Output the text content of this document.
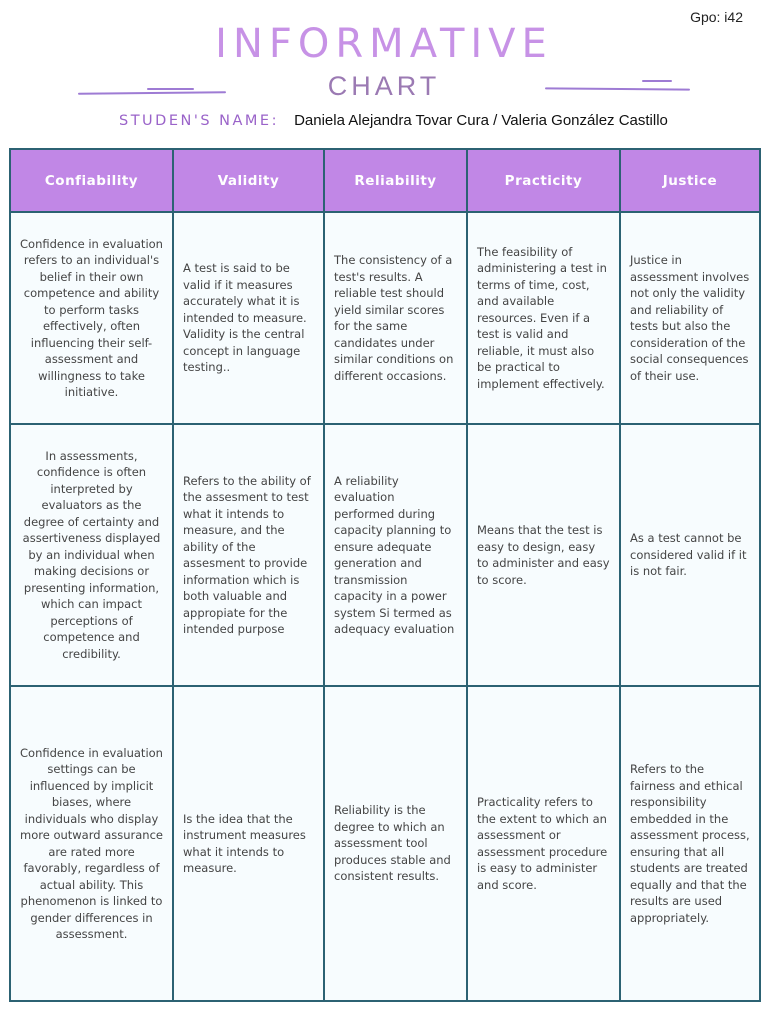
Gpo: i42
INFORMATIVE
CHART
STUDEN'S NAME: Daniela Alejandra Tovar Cura / Valeria González Castillo
Confiability	Validity	Reliability	Practicity	Justice
Confidence in evaluation refers to an individual's belief in their own competence and ability to perform tasks effectively, often influencing their self-assessment and willingness to take initiative.	A test is said to be valid if it measures accurately what it is intended to measure. Validity is the central concept in language testing..	The consistency of a test's results. A reliable test should yield similar scores for the same candidates under similar conditions on different occasions.	The feasibility of administering a test in terms of time, cost, and available resources. Even if a test is valid and reliable, it must also be practical to implement effectively.	Justice in assessment involves not only the validity and reliability of tests but also the consideration of the social consequences of their use.
In assessments, confidence is often interpreted by evaluators as the degree of certainty and assertiveness displayed by an individual when making decisions or presenting information, which can impact perceptions of competence and credibility.	Refers to the ability of the assesment to test what it intends to measure, and the ability of the assesment to provide information which is both valuable and appropiate for the intended purpose	A reliability evaluation performed during capacity planning to ensure adequate generation and transmission capacity in a power system Si termed as adequacy evaluation	Means that the test is easy to design, easy to administer and easy to score.	As a test cannot be considered valid if it is not fair.
Confidence in evaluation settings can be influenced by implicit biases, where individuals who display more outward assurance are rated more favorably, regardless of actual ability. This phenomenon is linked to gender differences in assessment.	Is the idea that the instrument measures what it intends to measure.	Reliability is the degree to which an assessment tool produces stable and consistent results.	Practicality refers to the extent to which an assessment or assessment procedure is easy to administer and score.	Refers to the fairness and ethical responsibility embedded in the assessment process, ensuring that all students are treated equally and that the results are used appropriately.
